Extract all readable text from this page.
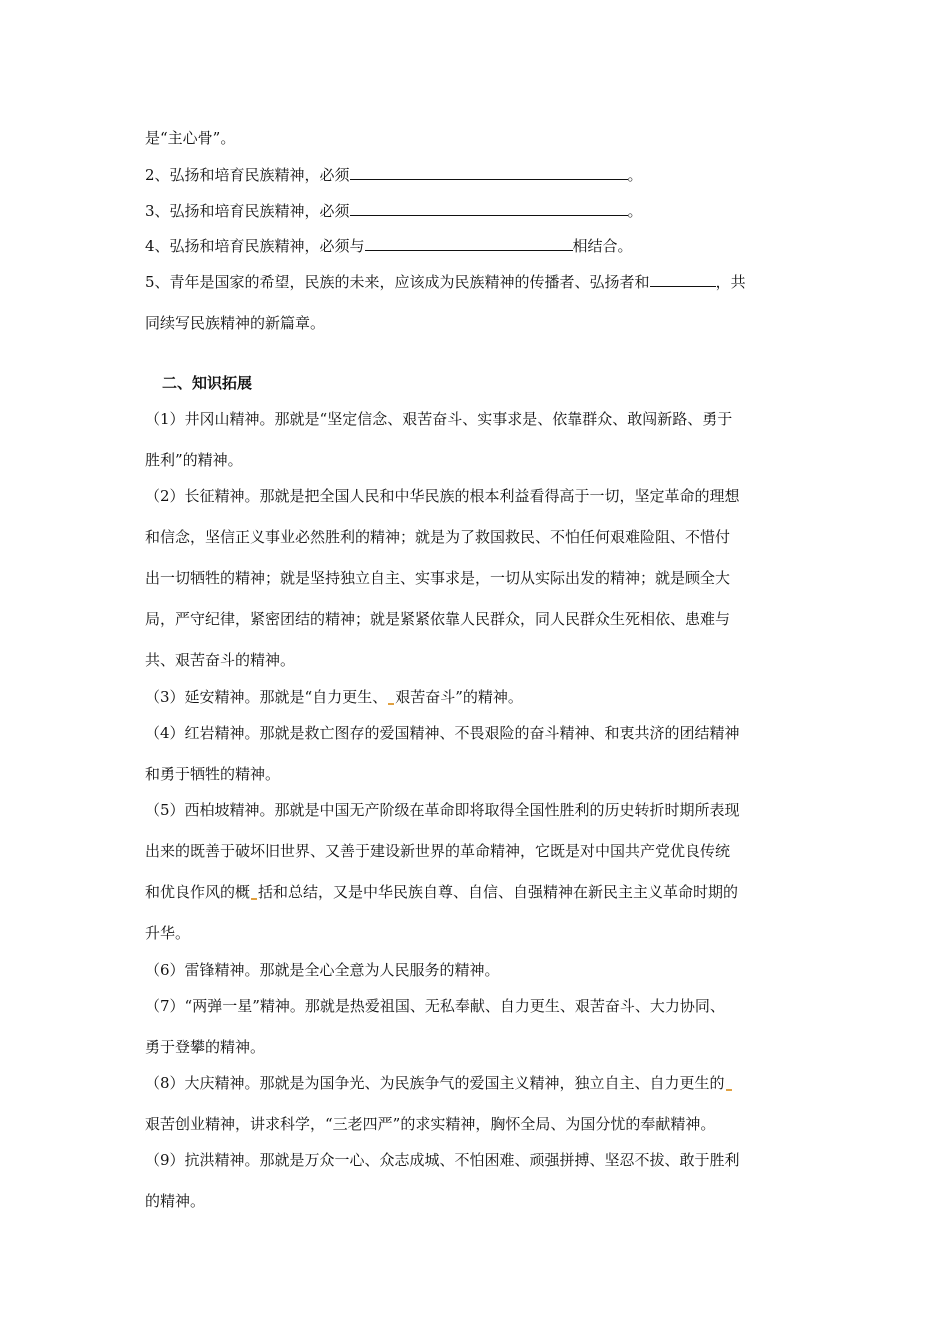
是“主心骨”。
2、弘扬和培育民族精神，必须	。
3、弘扬和培育民族精神，必须	。
4、弘扬和培育民族精神，必须与	相结合。
5、青年是国家的希望，民族的未来，应该成为民族精神的传播者、弘扬者和	，共
同续写民族精神的新篇章。
二、知识拓展
（1）井冈山精神。那就是“坚定信念、艰苦奋斗、实事求是、依靠群众、敢闯新路、勇于
胜利”的精神。
（2）长征精神。那就是把全国人民和中华民族的根本利益看得高于一切，坚定革命的理想
和信念，坚信正义事业必然胜利的精神；就是为了救国救民、不怕任何艰难险阻、不惜付
出一切牺牲的精神；就是坚持独立自主、实事求是，一切从实际出发的精神；就是顾全大
局，严守纪律，紧密团结的精神；就是紧紧依靠人民群众，同人民群众生死相依、患难与
共、艰苦奋斗的精神。
（3）延安精神。那就是“自力更生、 艰苦奋斗”的精神。
（4）红岩精神。那就是救亡图存的爱国精神、不畏艰险的奋斗精神、和衷共济的团结精神
和勇于牺牲的精神。
（5）西柏坡精神。那就是中国无产阶级在革命即将取得全国性胜利的历史转折时期所表现
出来的既善于破坏旧世界、又善于建设新世界的革命精神，它既是对中国共产党优良传统
和优良作风的概 括和总结，又是中华民族自尊、自信、自强精神在新民主主义革命时期的
升华。
（6）雷锋精神。那就是全心全意为人民服务的精神。
（7）“两弹一星”精神。那就是热爱祖国、无私奉献、自力更生、艰苦奋斗、大力协同、
勇于登攀的精神。
（8）大庆精神。那就是为国争光、为民族争气的爱国主义精神，独立自主、自力更生的
艰苦创业精神，讲求科学，“三老四严”的求实精神，胸怀全局、为国分忧的奉献精神。
（9）抗洪精神。那就是万众一心、众志成城、不怕困难、顽强拼搏、坚忍不拔、敢于胜利
的精神。
